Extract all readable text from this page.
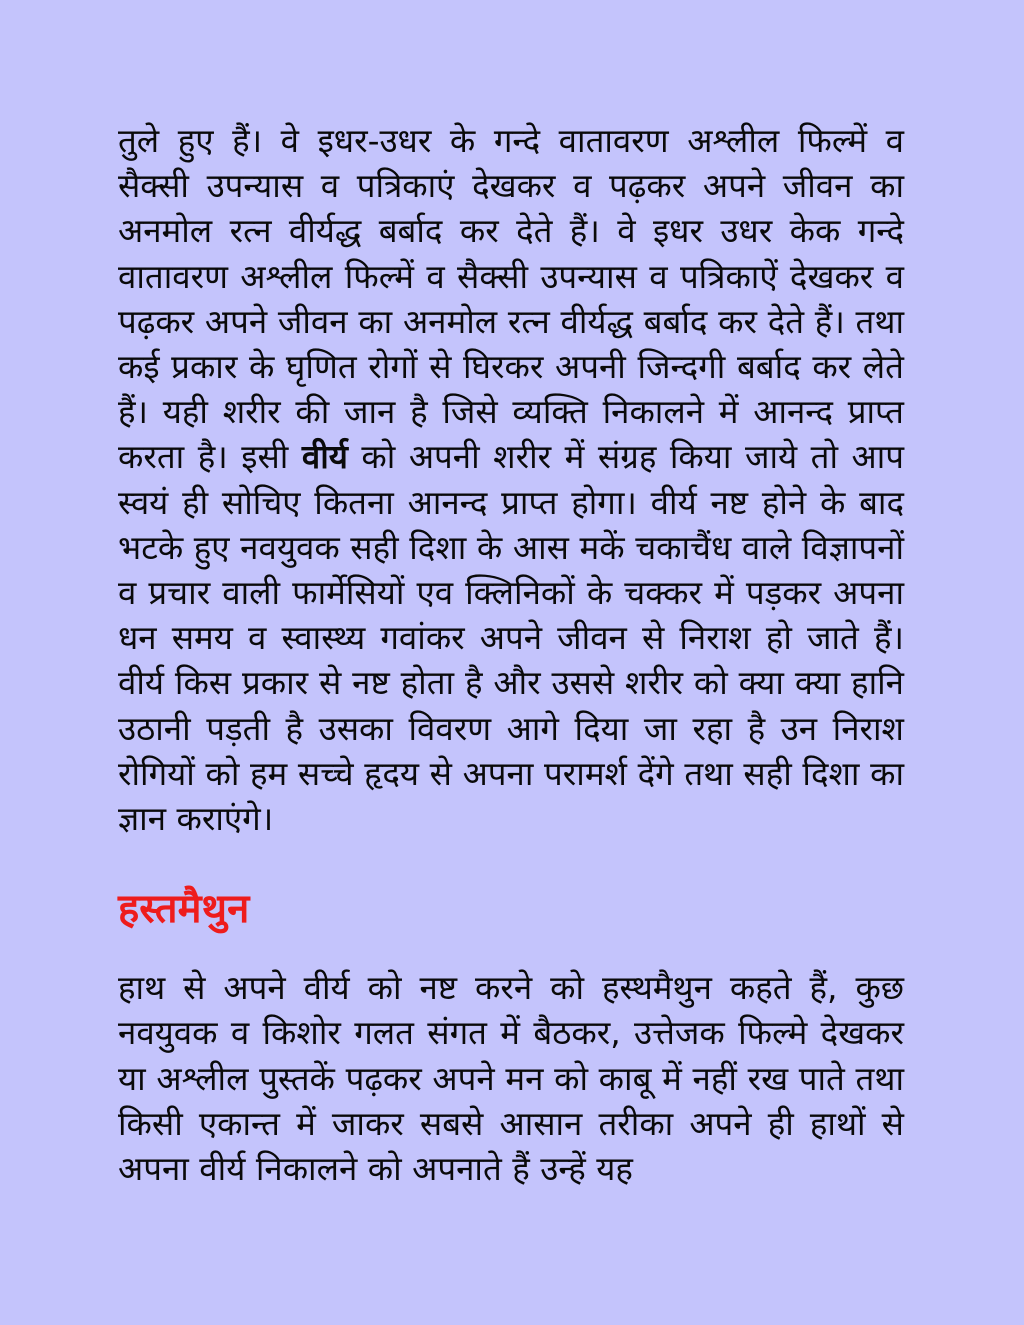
तुले हुए हैं। वे इधर-उधर के गन्दे वातावरण अश्लील फिल्में व सैक्सी उपन्यास व पत्रिकाएं देखकर व पढ़कर अपने जीवन का अनमोल रत्न वीर्यद्ध बर्बाद कर देते हैं। वे इधर उधर केक गन्दे वातावरण अश्लील फिल्में व सैक्सी उपन्यास व पत्रिकाऐं देखकर व पढ़कर अपने जीवन का अनमोल रत्न वीर्यद्ध बर्बाद कर देते हैं। तथा कई प्रकार के घृणित रोगों से घिरकर अपनी जिन्दगी बर्बाद कर लेते हैं। यही शरीर की जान है जिसे व्यक्ति निकालने में आनन्द प्राप्त करता है। इसी वीर्य को अपनी शरीर में संग्रह किया जाये तो आप स्वयं ही सोचिए कितना आनन्द प्राप्त होगा। वीर्य नष्ट होने के बाद भटके हुए नवयुवक सही दिशा के आस मकें चकाचैंध वाले विज्ञापनों व प्रचार वाली फार्मेसियों एव क्लिनिकों के चक्कर में पड़कर अपना धन समय व स्वास्थ्य गवांकर अपने जीवन से निराश हो जाते हैं। वीर्य किस प्रकार से नष्ट होता है और उससे शरीर को क्या क्या हानि उठानी पड़ती है उसका विवरण आगे दिया जा रहा है उन निराश रोगियों को हम सच्चे हृदय से अपना परामर्श देंगे तथा सही दिशा का ज्ञान कराएंगे।

हस्तमैथुन

हाथ से अपने वीर्य को नष्ट करने को हस्थमैथुन कहते हैं, कुछ नवयुवक व किशोर गलत संगत में बैठकर, उत्तेजक फिल्मे देखकर या अश्लील पुस्तकें पढ़कर अपने मन को काबू में नहीं रख पाते तथा किसी एकान्त में जाकर सबसे आसान तरीका अपने ही हाथों से अपना वीर्य निकालने को अपनाते हैं उन्हें यह
